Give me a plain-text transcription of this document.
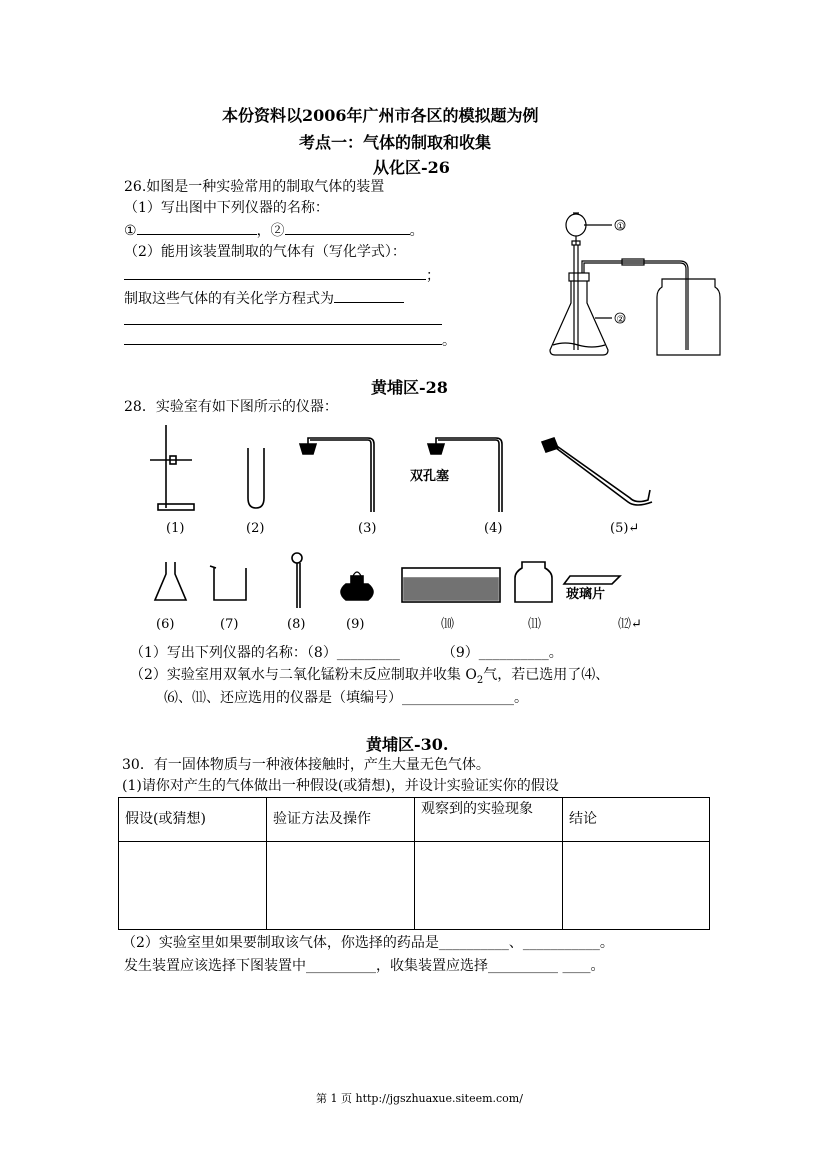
本份资料以2006年广州市各区的模拟题为例
考点一：气体的制取和收集
从化区-26
26.如图是一种实验常用的制取气体的装置
（1）写出图中下列仪器的名称：
①	，②	。
（2）能用该装置制取的气体有（写化学式）：
；
制取这些气体的有关化学方程式为
。
①
②
黄埔区-28
28．实验室有如下图所示的仪器：
双孔塞
(1)	(2)	(3)	(4)	(5)↵
玻璃片
(6)	(7)	(8)	(9)	⑽	⑾	⑿↵
（1）写出下列仪器的名称：（8）_________	（9）__________。
（2）实验室用双氧水与二氧化锰粉末反应制取并收集 $O_2$气，若已选用了⑷、
⑹、⑾、还应选用的仪器是（填编号）________________。
黄埔区-30.
30．有一固体物质与一种液体接触时，产生大量无色气体。
(1)请你对产生的气体做出一种假设(或猜想)，并设计实验证实你的假设
假设(或猜想)	验证方法及操作	观察到的实验现象	结论

（2）实验室里如果要制取该气体，你选择的药品是__________、___________。
发生装置应该选择下图装置中__________，收集装置应选择__________ ____。
第 1 页 http://jgszhuaxue.siteem.com/
